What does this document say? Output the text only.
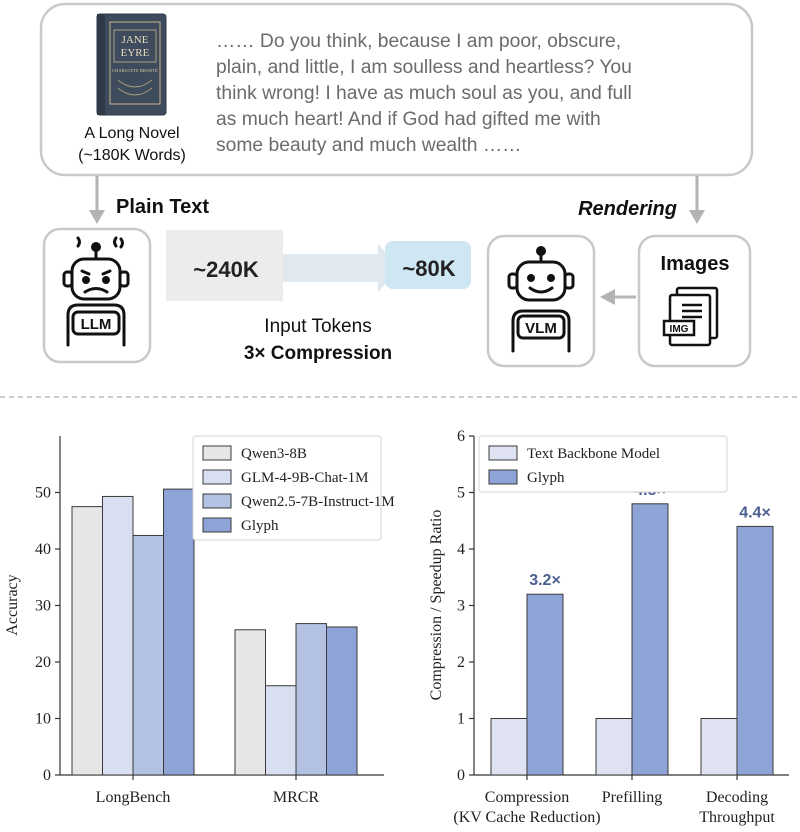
JANE
EYRE
CHARLOTTE BRONTË
A Long Novel
(~180K Words)
…… Do you think, because I am poor, obscure,
plain, and little, I am soulless and heartless? You
think wrong! I have as much soul as you, and full
as much heart! And if God had gifted me with
some beauty and much wealth ……
Plain Text	Rendering
LLM
~240K	~80K
Input Tokens
3× Compression
VLM
Images
IMG
0
10
20
30
40
50
LongBench	MRCR
Accuracy
Qwen3-8B
GLM-4-9B-Chat-1M
Qwen2.5-7B-Instruct-1M
Glyph
0
1
2
3
4
5
6
3.2×
4.4×
Compression
(KV Cache Reduction)
Prefilling	Decoding
Throughput
Compression / Speedup Ratio
Text Backbone Model
Glyph
